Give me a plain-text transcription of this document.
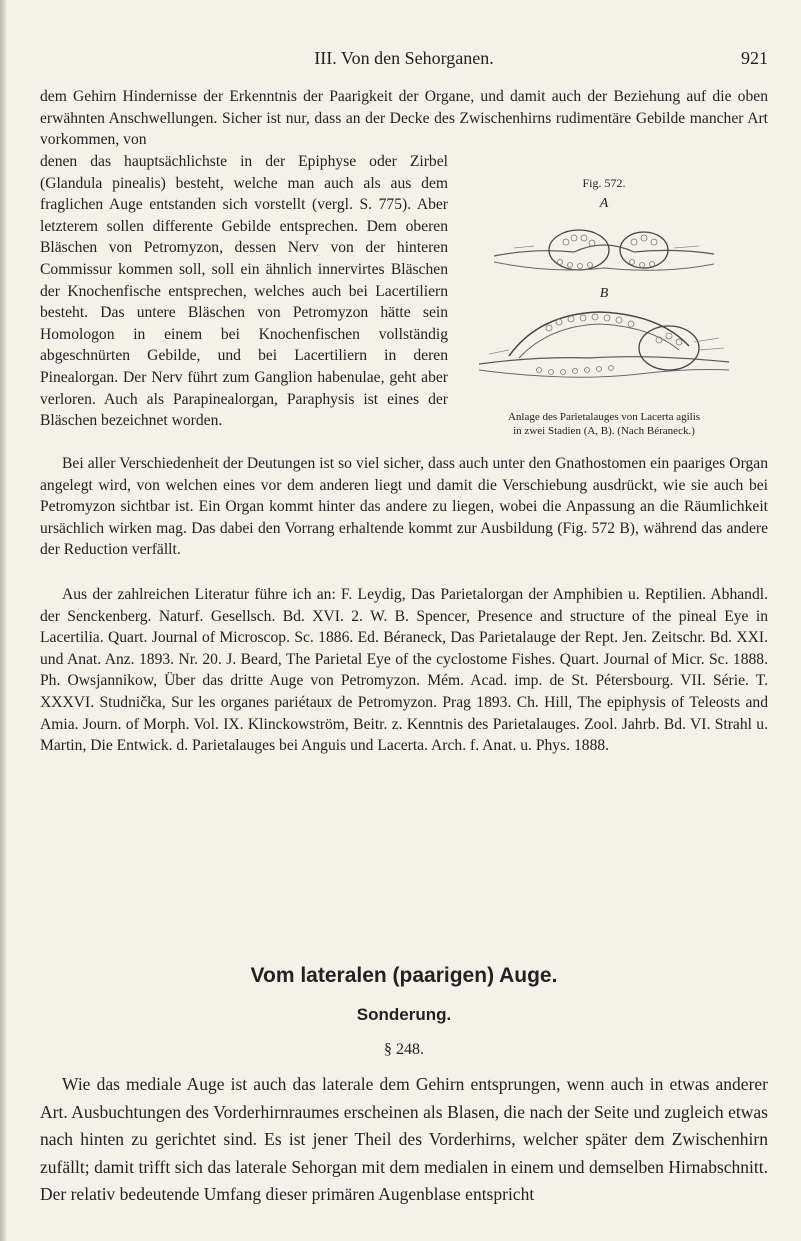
III. Von den Sehorganen.	921

dem Gehirn Hindernisse der Erkenntnis der Paarigkeit der Organe, und damit auch der Beziehung auf die oben erwähnten Anschwellungen. Sicher ist nur, dass an der Decke des Zwischenhirns rudimentäre Gebilde mancher Art vorkommen, von

denen das hauptsächlichste in der Epiphyse oder Zirbel (Glandula pinealis) besteht, welche man auch als aus dem fraglichen Auge entstanden sich vorstellt (vergl. S. 775). Aber letzterem sollen differente Gebilde entsprechen. Dem oberen Bläschen von Petromyzon, dessen Nerv von der hinteren Commissur kommen soll, soll ein ähnlich innervirtes Bläschen der Knochenfische entsprechen, welches auch bei Lacertiliern besteht. Das untere Bläschen von Petromyzon hätte sein Homologon in einem bei Knochenfischen vollständig abgeschnürten Gebilde, und bei Lacertiliern in deren Pinealorgan. Der Nerv führt zum Ganglion habenulae, geht aber verloren. Auch als Parapinealorgan, Paraphysis ist eines der Bläschen bezeichnet worden.

Fig. 572.
A
B
Anlage des Parietalauges von Lacerta agilis
in zwei Stadien (A, B). (Nach Béraneck.)

Bei aller Verschiedenheit der Deutungen ist so viel sicher, dass auch unter den Gnathostomen ein paariges Organ angelegt wird, von welchen eines vor dem anderen liegt und damit die Verschiebung ausdrückt, wie sie auch bei Petromyzon sichtbar ist. Ein Organ kommt hinter das andere zu liegen, wobei die Anpassung an die Räumlichkeit ursächlich wirken mag. Das dabei den Vorrang erhaltende kommt zur Ausbildung (Fig. 572 B), während das andere der Reduction verfällt.

Aus der zahlreichen Literatur führe ich an: F. Leydig, Das Parietalorgan der Amphibien u. Reptilien. Abhandl. der Senckenberg. Naturf. Gesellsch. Bd. XVI. 2. W. B. Spencer, Presence and structure of the pineal Eye in Lacertilia. Quart. Journal of Microscop. Sc. 1886. Ed. Béraneck, Das Parietalauge der Rept. Jen. Zeitschr. Bd. XXI. und Anat. Anz. 1893. Nr. 20. J. Beard, The Parietal Eye of the cyclostome Fishes. Quart. Journal of Micr. Sc. 1888. Ph. Owsjannikow, Über das dritte Auge von Petromyzon. Mém. Acad. imp. de St. Pétersbourg. VII. Série. T. XXXVI. Studnička, Sur les organes pariétaux de Petromyzon. Prag 1893. Ch. Hill, The epiphysis of Teleosts and Amia. Journ. of Morph. Vol. IX. Klinckowström, Beitr. z. Kenntnis des Parietalauges. Zool. Jahrb. Bd. VI. Strahl u. Martin, Die Entwick. d. Parietalauges bei Anguis und Lacerta. Arch. f. Anat. u. Phys. 1888.

Vom lateralen (paarigen) Auge.
Sonderung.
§ 248.

Wie das mediale Auge ist auch das laterale dem Gehirn entsprungen, wenn auch in etwas anderer Art. Ausbuchtungen des Vorderhirnraumes erscheinen als Blasen, die nach der Seite und zugleich etwas nach hinten zu gerichtet sind. Es ist jener Theil des Vorderhirns, welcher später dem Zwischenhirn zufällt; damit trifft sich das laterale Sehorgan mit dem medialen in einem und demselben Hirnabschnitt. Der relativ bedeutende Umfang dieser primären Augenblase entspricht
